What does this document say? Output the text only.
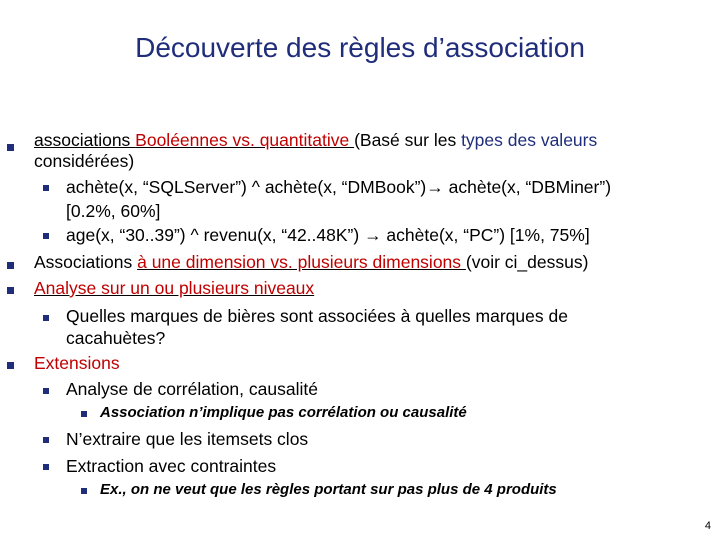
Découverte des règles d’association
associations Booléennes vs. quantitative (Basé sur les types des valeurs
considérées)
achète(x, “SQLServer”) ^ achète(x, “DMBook”)→ achète(x, “DBMiner”)
[0.2%, 60%]
age(x, “30..39”) ^ revenu(x, “42..48K”) → achète(x, “PC”) [1%, 75%]
Associations à une dimension vs. plusieurs dimensions (voir ci_dessus)
Analyse sur un ou plusieurs niveaux
Quelles marques de bières sont associées à quelles marques de
cacahuètes?
Extensions
Analyse de corrélation, causalité
Association n’implique pas corrélation ou causalité
N’extraire que les itemsets clos
Extraction avec contraintes
Ex., on ne veut que les règles portant sur pas plus de 4 produits
4
